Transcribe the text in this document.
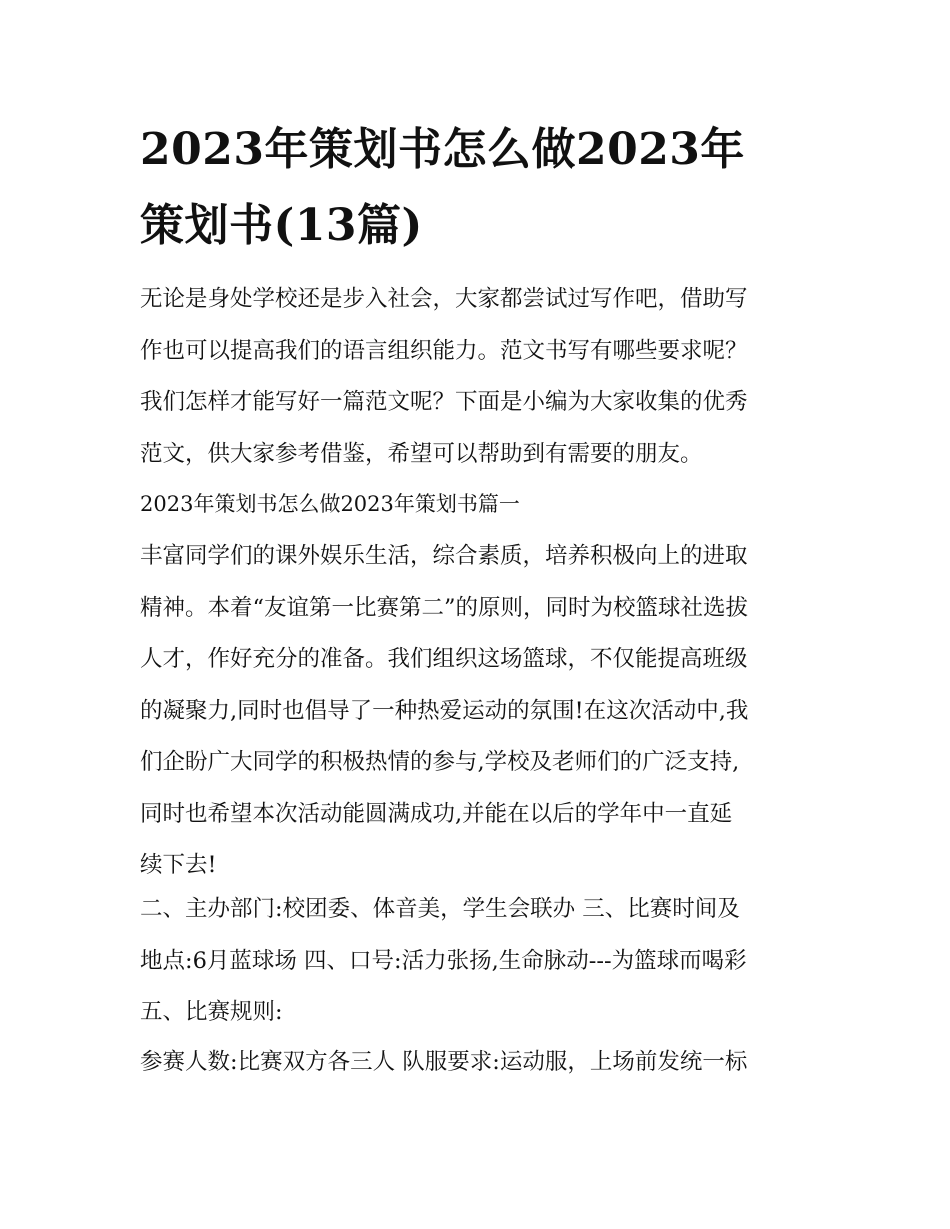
2023年策划书怎么做2023年
策划书(13篇)
无论是身处学校还是步入社会，大家都尝试过写作吧，借助写
作也可以提高我们的语言组织能力。范文书写有哪些要求呢？
我们怎样才能写好一篇范文呢？下面是小编为大家收集的优秀
范文，供大家参考借鉴，希望可以帮助到有需要的朋友。
2023年策划书怎么做2023年策划书篇一
丰富同学们的课外娱乐生活，综合素质，培养积极向上的进取
精神。本着“友谊第一比赛第二”的原则，同时为校篮球社选拔
人才，作好充分的准备。我们组织这场篮球，不仅能提高班级
的凝聚力,同时也倡导了一种热爱运动的氛围!在这次活动中,我
们企盼广大同学的积极热情的参与,学校及老师们的广泛支持,
同时也希望本次活动能圆满成功,并能在以后的学年中一直延
续下去!
二、主办部门:校团委、体音美，学生会联办 三、比赛时间及
地点:6月蓝球场 四、口号:活力张扬,生命脉动---为篮球而喝彩
五、比赛规则:
参赛人数:比赛双方各三人 队服要求:运动服，上场前发统一标
